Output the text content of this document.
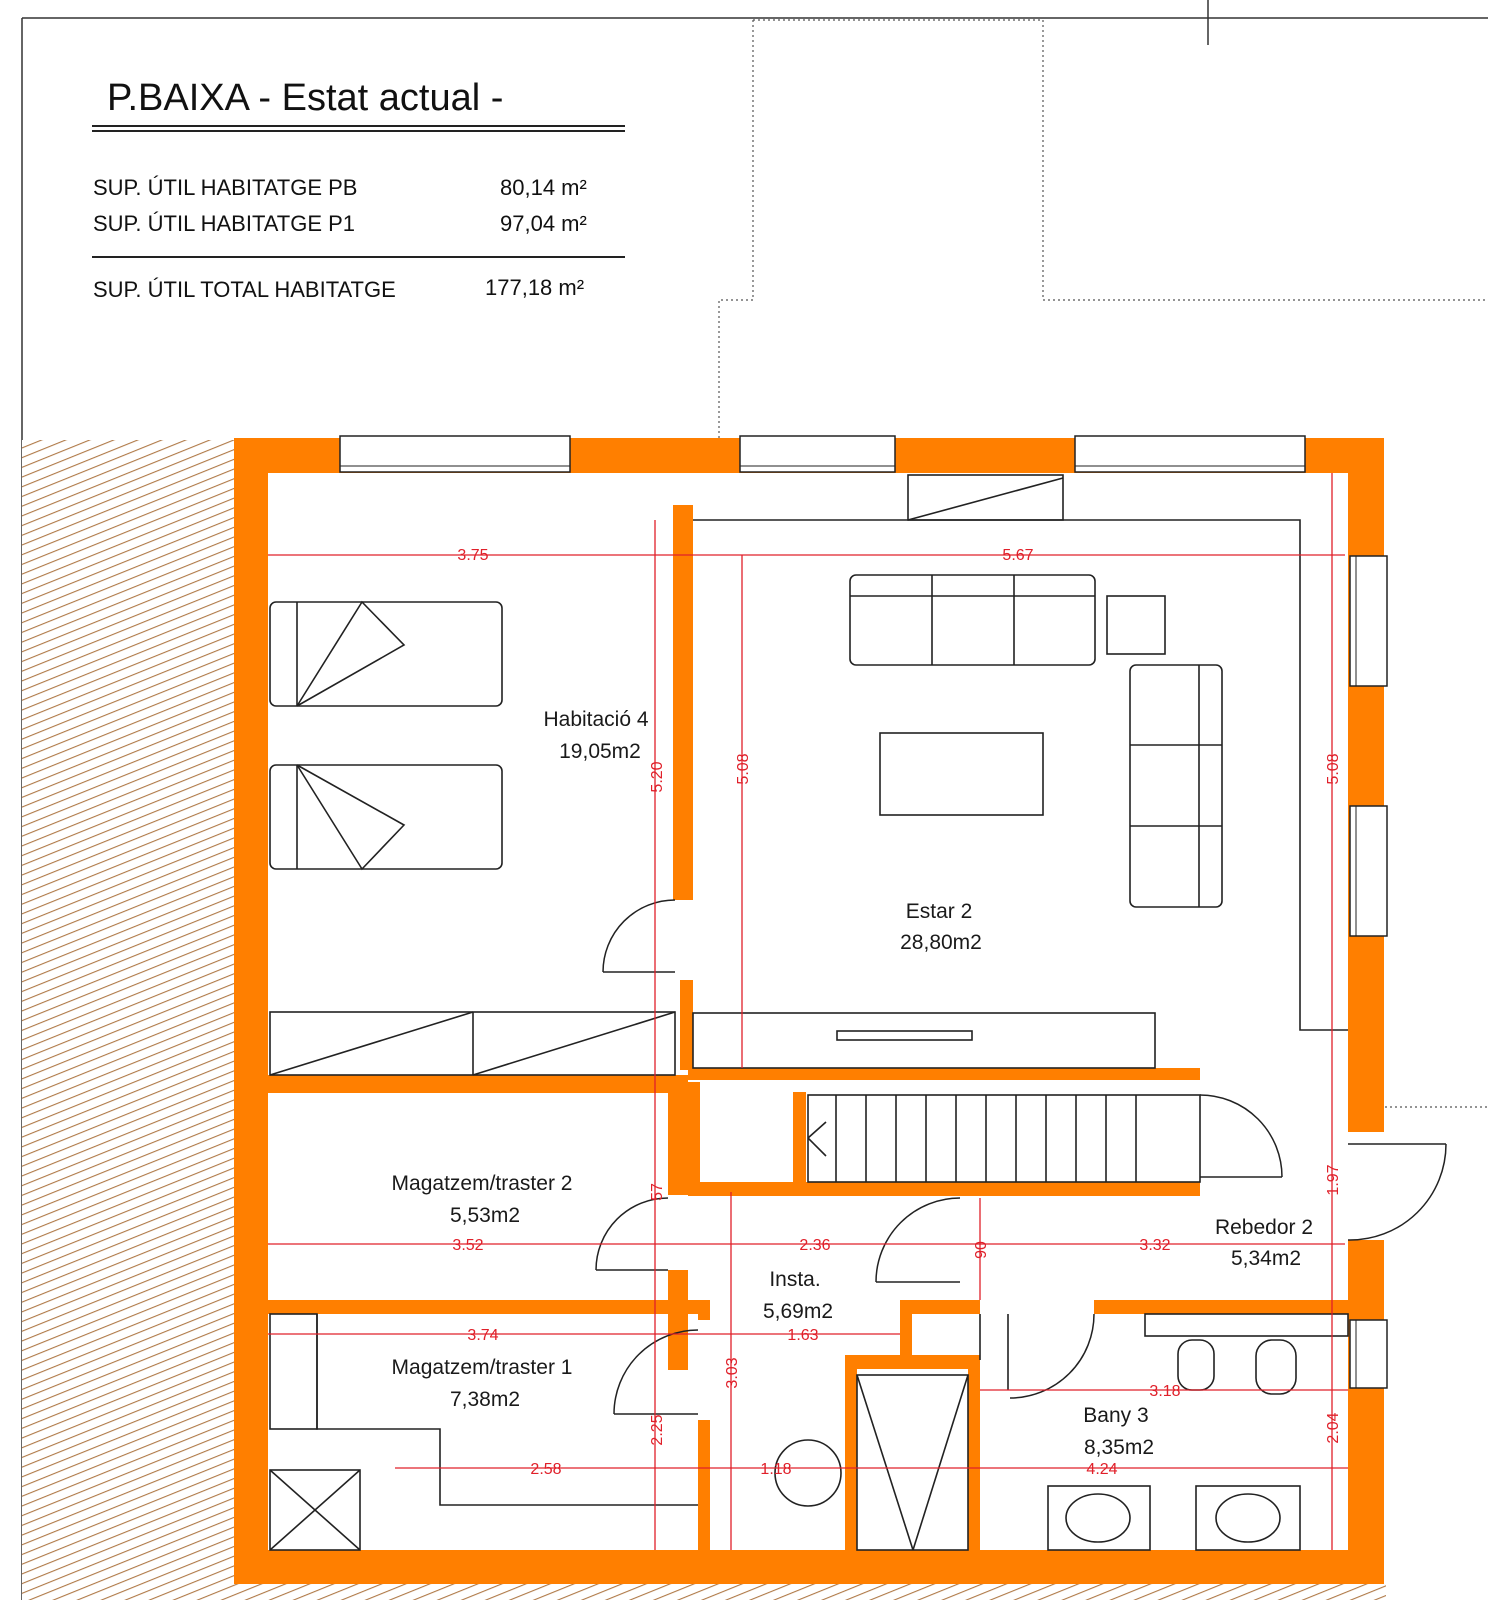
P.BAIXA - Estat actual -
SUP. ÚTIL HABITATGE PB	80,14 m²
SUP. ÚTIL HABITATGE P1	97,04 m²
SUP. ÚTIL TOTAL HABITATGE	177,18 m²
Habitació 4
19,05m2
Estar 2
28,80m2
Magatzem/traster 2
5,53m2
Magatzem/traster 1
7,38m2
Insta.
5,69m2
Rebedor 2
5,34m2
Bany 3
8,35m2
3.75	5.67
5.20	5.08	5.08
3.52	2.36	3.32
90
1.97
57
3.74	1.63
3.03
3.18
2.04
2.25
2.58	1.18	4.24
